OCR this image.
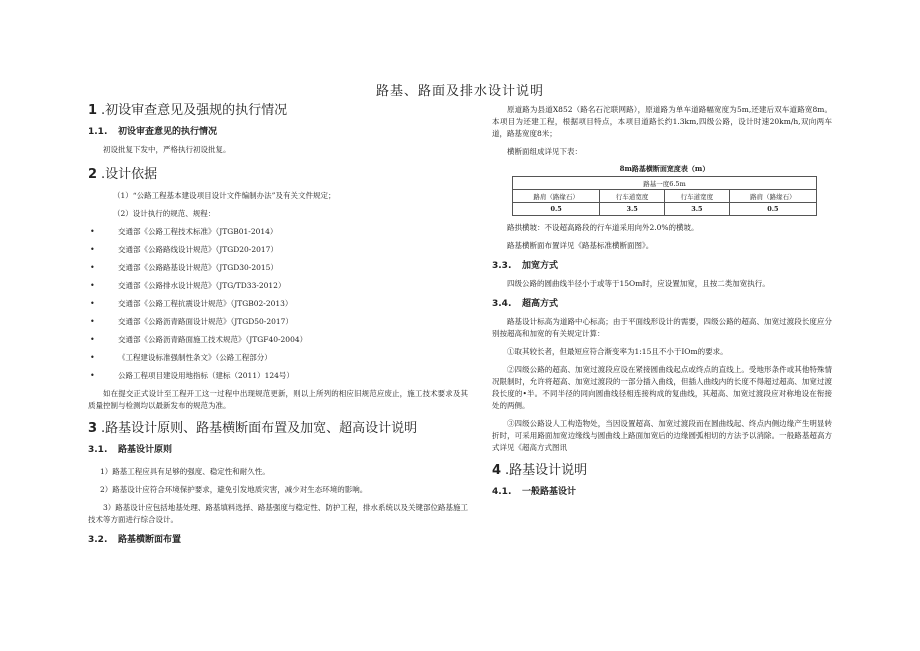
路基、路面及排水设计说明
1 .初设审查意见及强规的执行情况
1.1. 初设审查意见的执行情况

初设批复下发中，严格执行初设批复。

2 .设计依据

（1）“公路工程基本建设项目设计文件编制办法”及有关文件规定；

（2）设计执行的规范、规程：

•	交通部《公路工程技术标准》（JTGB01-2014）
•	交通部《公路路线设计规范》（JTGD20-2017）
•	交通部《公路路基设计规范》（JTGD30-2015）
•	交通部《公路排水设计规范》（JTG/TD33-2012）
•	交通部《公路工程抗震设计规范》（JTGB02-2013）
•	交通部《公路沥青路面设计规范》（JTGD50-2017）
•	交通部《公路沥青路面施工技术规范》（JTGF40-2004）
•	《工程建设标准强制性条文》（公路工程部分）
•	公路工程项目建设用地指标（建标（2011）124号）

如在提交正式设计至工程开工这一过程中出现规范更新，则以上所列的相应旧规范应废止，施工技术要求及其质量控制与检测均以最新发布的规范为准。

3 .路基设计原则、路基横断面布置及加宽、超高设计说明
3.1. 路基设计原则

1）路基工程应具有足够的强度、稳定性和耐久性。

2）路基设计应符合环境保护要求，避免引发地质灾害，减少对生态环境的影响。

3）路基设计应包括地基处理、路基填料选择、路基强度与稳定性、防护工程，排水系统以及关键部位路基施工技术等方面进行综合设计。

3.2. 路基横断面布置

原道路为县道X852（路名石沱联网路），原道路为单车道路幅宽度为5m,还建后双车道路宽8m。本项目为还建工程，根据项目特点，本项目道路长约1.3km,四级公路，设计时速20km/h,双向两车道，路基宽度8米；

横断面组成详见下表：

8m路基横断面宽度表（m）
路基一度6.5m			
路肩（路缘石）	行车道宽度	行车道宽度	路肩（路缘石）
0.5	3.5	3.5	0.5

路拱横坡：不设超高路段的行车道采用向外2.0%的横坡。

路基横断面布置详见《路基标准横断面图》。

3.3. 加宽方式

四级公路的圆曲线半径小于或等于15Om时，应设置加宽，且按二类加宽执行。

3.4. 超高方式

路基设计标高为道路中心标高；由于平面线形设计的需要，四级公路的超高、加宽过渡段长度应分别按超高和加宽的有关规定计算：

①取其较长者，但最短应符合渐变率为1:15且不小于IOm的要求。

②四级公路的超高、加宽过渡段应设在紧接圆曲线起点或终点的直线上。受地形条件或其他特殊情况限制时，允许将超高、加宽过渡段的一部分插入曲线，但插人曲线内的长度不得超过超高、加宽过渡段长度的•半。不同半径的同向圆曲线径相连接构成的复曲线，其超高、加宽过渡段应对称地设在衔接处的两侧。

③四级公路设人工构造物处，当因设置超高、加宽过渡段而在圆曲线起、终点内侧边缘产生明显转折时，可采用路面加宽边缘线与圆曲线上路面加宽后的边缘圆弧相切的方法予以消除。一般路基超高方式详见《超高方式图讯

4 .路基设计说明
4.1. 一般路基设计
